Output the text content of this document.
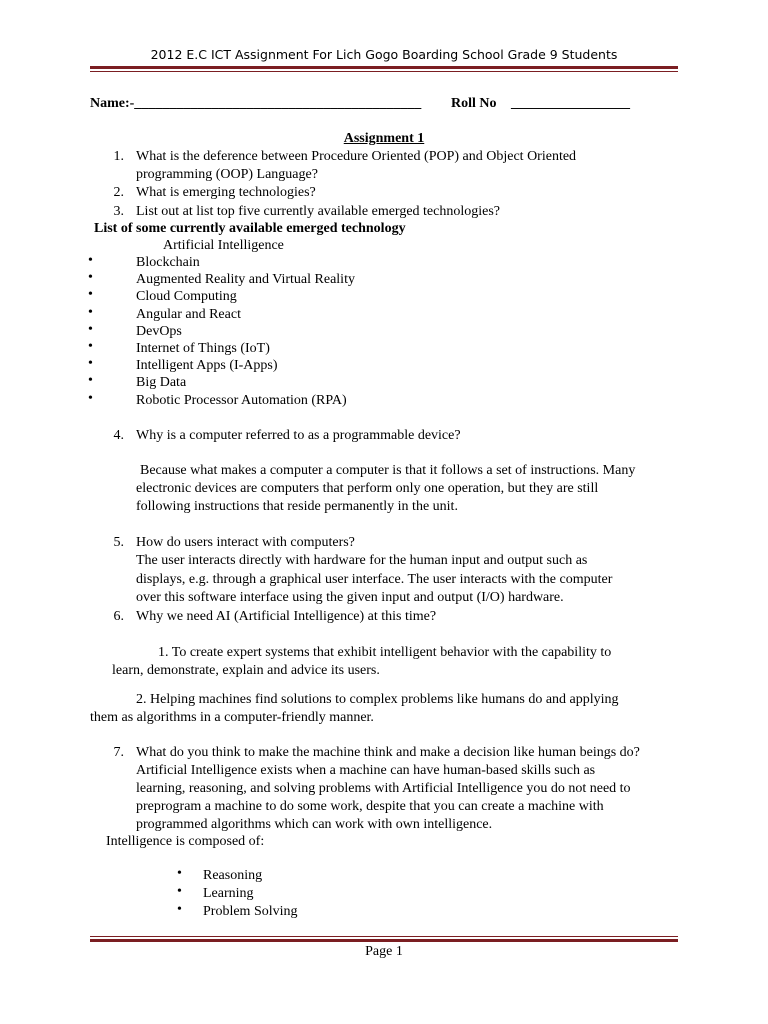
2012 E.C ICT Assignment For Lich Gogo Boarding School Grade 9 Students
Name:-_________________________________________ Roll No _________________
Assignment 1
1. What is the deference between Procedure Oriented (POP) and Object Oriented
programming (OOP) Language?
2. What is emerging technologies?
3. List out at list top five currently available emerged technologies?
List of some currently available emerged technology
Artificial Intelligence
•	Blockchain
•	Augmented Reality and Virtual Reality
•	Cloud Computing
•	Angular and React
•	DevOps
•	Internet of Things (IoT)
•	Intelligent Apps (I-Apps)
•	Big Data
•	Robotic Processor Automation (RPA)
4. Why is a computer referred to as a programmable device?
Because what makes a computer a computer is that it follows a set of instructions. Many
electronic devices are computers that perform only one operation, but they are still
following instructions that reside permanently in the unit.
5. How do users interact with computers?
The user interacts directly with hardware for the human input and output such as
displays, e.g. through a graphical user interface. The user interacts with the computer
over this software interface using the given input and output (I/O) hardware.
6. Why we need AI (Artificial Intelligence) at this time?
1. To create expert systems that exhibit intelligent behavior with the capability to
learn, demonstrate, explain and advice its users.
2. Helping machines find solutions to complex problems like humans do and applying
them as algorithms in a computer-friendly manner.
7. What do you think to make the machine think and make a decision like human beings do?
Artificial Intelligence exists when a machine can have human-based skills such as
learning, reasoning, and solving problems with Artificial Intelligence you do not need to
preprogram a machine to do some work, despite that you can create a machine with
programmed algorithms which can work with own intelligence.
Intelligence is composed of:
• Reasoning
• Learning
• Problem Solving
Page 1
